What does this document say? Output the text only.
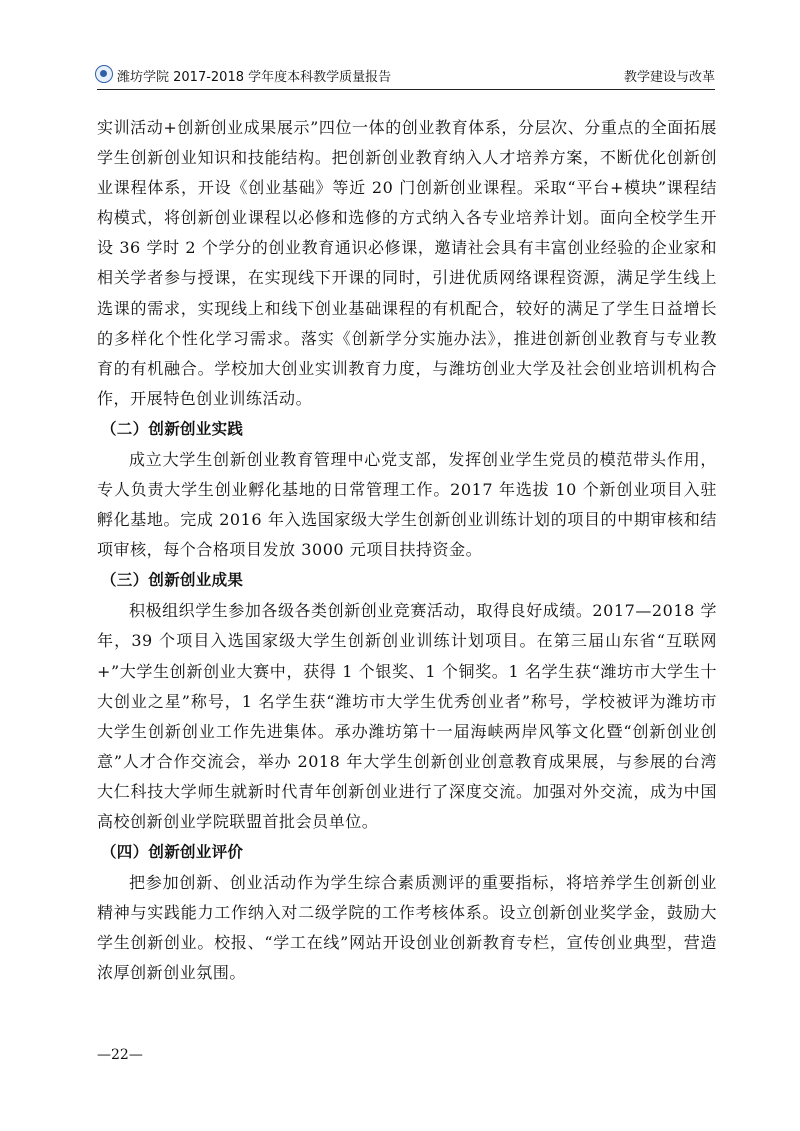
潍坊学院 2017-2018 学年度本科教学质量报告	教学建设与改革

实训活动+创新创业成果展示”四位一体的创业教育体系，分层次、分重点的全面拓展学生创新创业知识和技能结构。把创新创业教育纳入人才培养方案，不断优化创新创业课程体系，开设《创业基础》等近 20 门创新创业课程。采取“平台+模块”课程结构模式，将创新创业课程以必修和选修的方式纳入各专业培养计划。面向全校学生开设 36 学时 2 个学分的创业教育通识必修课，邀请社会具有丰富创业经验的企业家和相关学者参与授课，在实现线下开课的同时，引进优质网络课程资源，满足学生线上选课的需求，实现线上和线下创业基础课程的有机配合，较好的满足了学生日益增长的多样化个性化学习需求。落实《创新学分实施办法》，推进创新创业教育与专业教育的有机融合。学校加大创业实训教育力度，与潍坊创业大学及社会创业培训机构合作，开展特色创业训练活动。

（二）创新创业实践

成立大学生创新创业教育管理中心党支部，发挥创业学生党员的模范带头作用，专人负责大学生创业孵化基地的日常管理工作。2017 年选拔 10 个新创业项目入驻孵化基地。完成 2016 年入选国家级大学生创新创业训练计划的项目的中期审核和结项审核，每个合格项目发放 3000 元项目扶持资金。

（三）创新创业成果

积极组织学生参加各级各类创新创业竞赛活动，取得良好成绩。2017—2018 学年，39 个项目入选国家级大学生创新创业训练计划项目。在第三届山东省“互联网+”大学生创新创业大赛中，获得 1 个银奖、1 个铜奖。1 名学生获“潍坊市大学生十大创业之星”称号，1 名学生获“潍坊市大学生优秀创业者”称号，学校被评为潍坊市大学生创新创业工作先进集体。承办潍坊第十一届海峡两岸风筝文化暨“创新创业创意”人才合作交流会，举办 2018 年大学生创新创业创意教育成果展，与参展的台湾大仁科技大学师生就新时代青年创新创业进行了深度交流。加强对外交流，成为中国高校创新创业学院联盟首批会员单位。

（四）创新创业评价

把参加创新、创业活动作为学生综合素质测评的重要指标，将培养学生创新创业精神与实践能力工作纳入对二级学院的工作考核体系。设立创新创业奖学金，鼓励大学生创新创业。校报、“学工在线”网站开设创业创新教育专栏，宣传创业典型，营造浓厚创新创业氛围。

—22—
